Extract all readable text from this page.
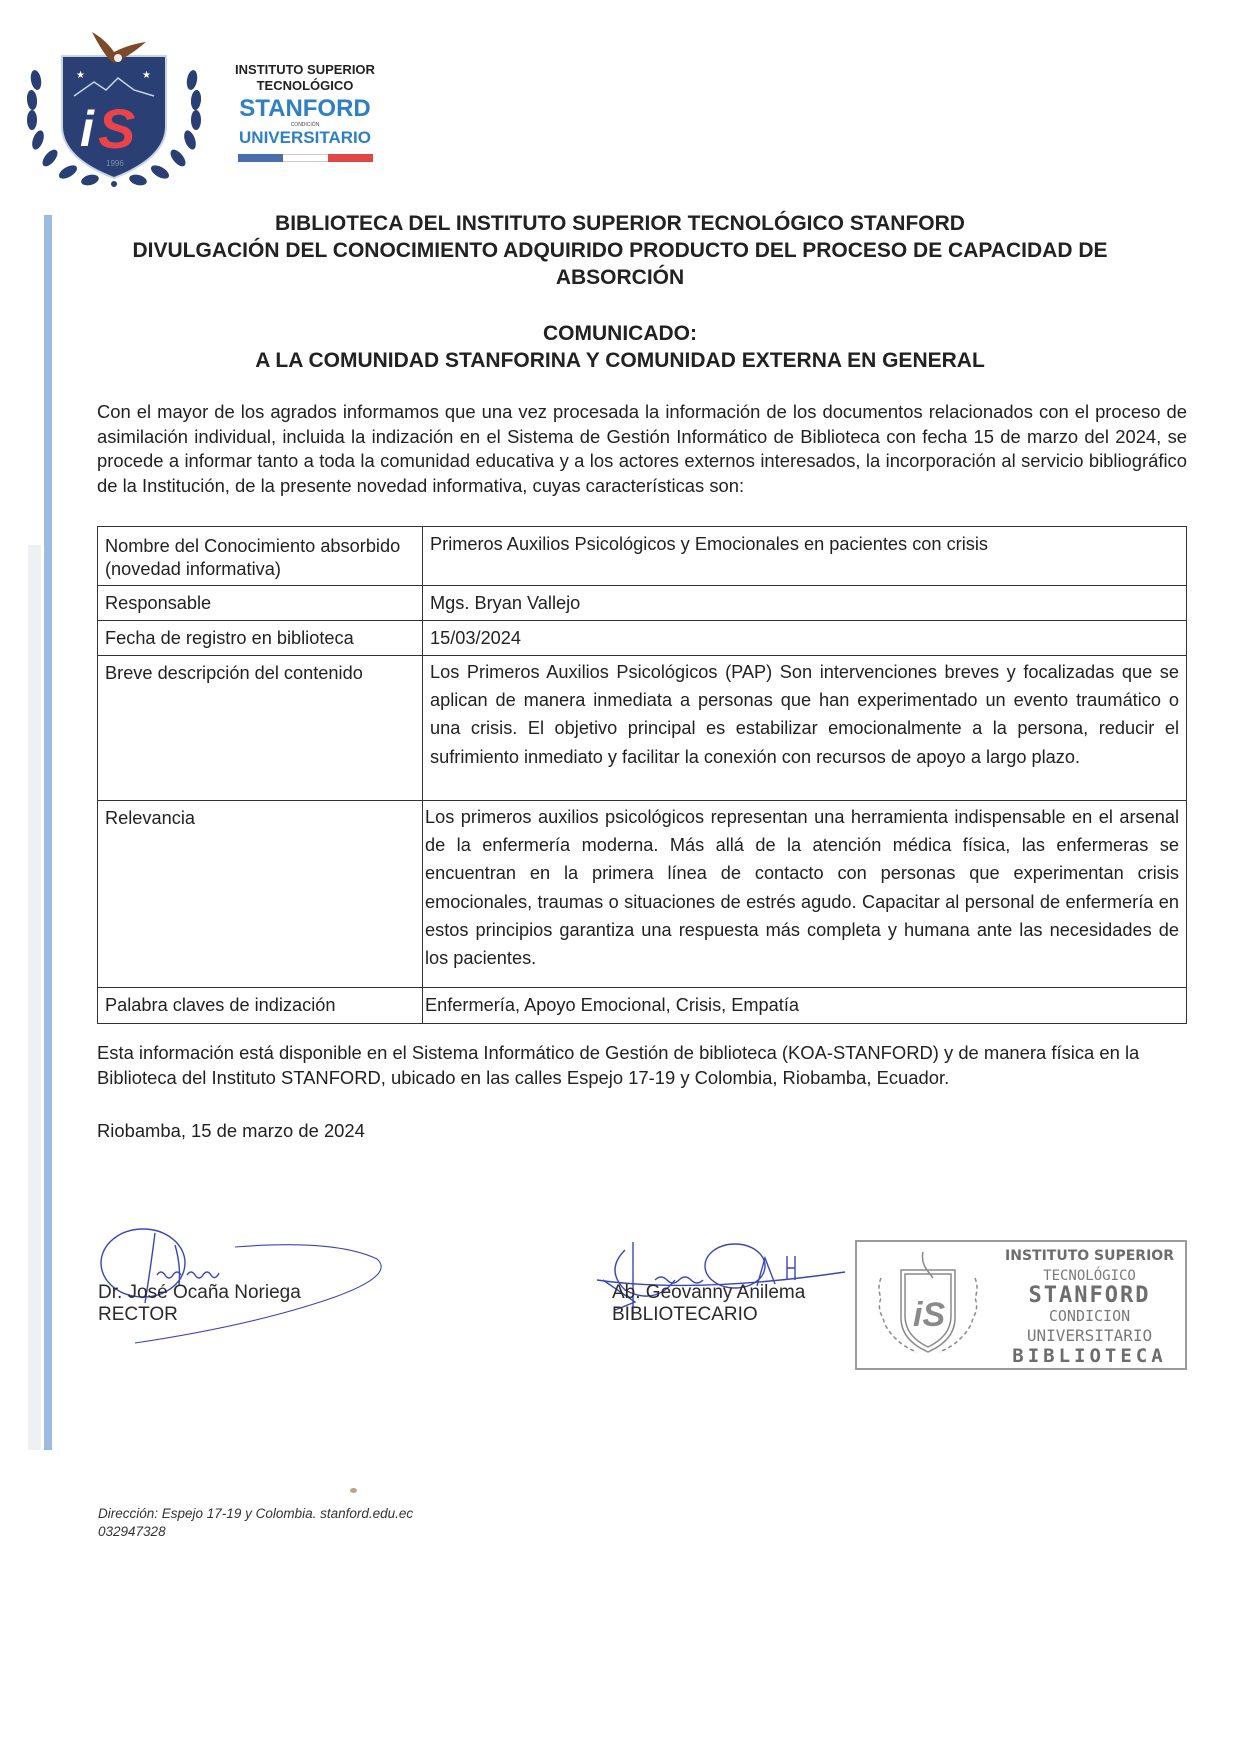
★	★
i S
1996
INSTITUTO SUPERIOR
TECNOLÓGICO
STANFORD
CONDICIÓN
UNIVERSITARIO
BIBLIOTECA DEL INSTITUTO SUPERIOR TECNOLÓGICO STANFORD
DIVULGACIÓN DEL CONOCIMIENTO ADQUIRIDO PRODUCTO DEL PROCESO DE CAPACIDAD DE
ABSORCIÓN
COMUNICADO:
A LA COMUNIDAD STANFORINA Y COMUNIDAD EXTERNA EN GENERAL
Con el mayor de los agrados informamos que una vez procesada la información de los documentos relacionados con el proceso de asimilación individual, incluida la indización en el Sistema de Gestión Informático de Biblioteca con fecha 15 de marzo del 2024, se procede a informar tanto a toda la comunidad educativa y a los actores externos interesados, la incorporación al servicio bibliográfico de la Institución, de la presente novedad informativa, cuyas características son:
Nombre del Conocimiento absorbido (novedad informativa)	Primeros Auxilios Psicológicos y Emocionales en pacientes con crisis
Responsable	Mgs. Bryan Vallejo
Fecha de registro en biblioteca	15/03/2024
Breve descripción del contenido	Los Primeros Auxilios Psicológicos (PAP) Son intervenciones breves y focalizadas que se aplican de manera inmediata a personas que han experimentado un evento traumático o una crisis. El objetivo principal es estabilizar emocionalmente a la persona, reducir el sufrimiento inmediato y facilitar la conexión con recursos de apoyo a largo plazo.
Relevancia	Los primeros auxilios psicológicos representan una herramienta indispensable en el arsenal de la enfermería moderna. Más allá de la atención médica física, las enfermeras se encuentran en la primera línea de contacto con personas que experimentan crisis emocionales, traumas o situaciones de estrés agudo. Capacitar al personal de enfermería en estos principios garantiza una respuesta más completa y humana ante las necesidades de los pacientes.
Palabra claves de indización	Enfermería, Apoyo Emocional, Crisis, Empatía
Esta información está disponible en el Sistema Informático de Gestión de biblioteca (KOA-STANFORD) y de manera física en la Biblioteca del Instituto STANFORD, ubicado en las calles Espejo 17-19 y Colombia, Riobamba, Ecuador.
Riobamba, 15 de marzo de 2024
Dr. José Ocaña Noriega
RECTOR
Ab. Geovanny Anilema
BIBLIOTECARIO	iS
INSTITUTO SUPERIOR
TECNOLÓGICO
STANFORD
CONDICION
UNIVERSITARIO
BIBLIOTECA
Dirección: Espejo 17-19 y Colombia. stanford.edu.ec
032947328
